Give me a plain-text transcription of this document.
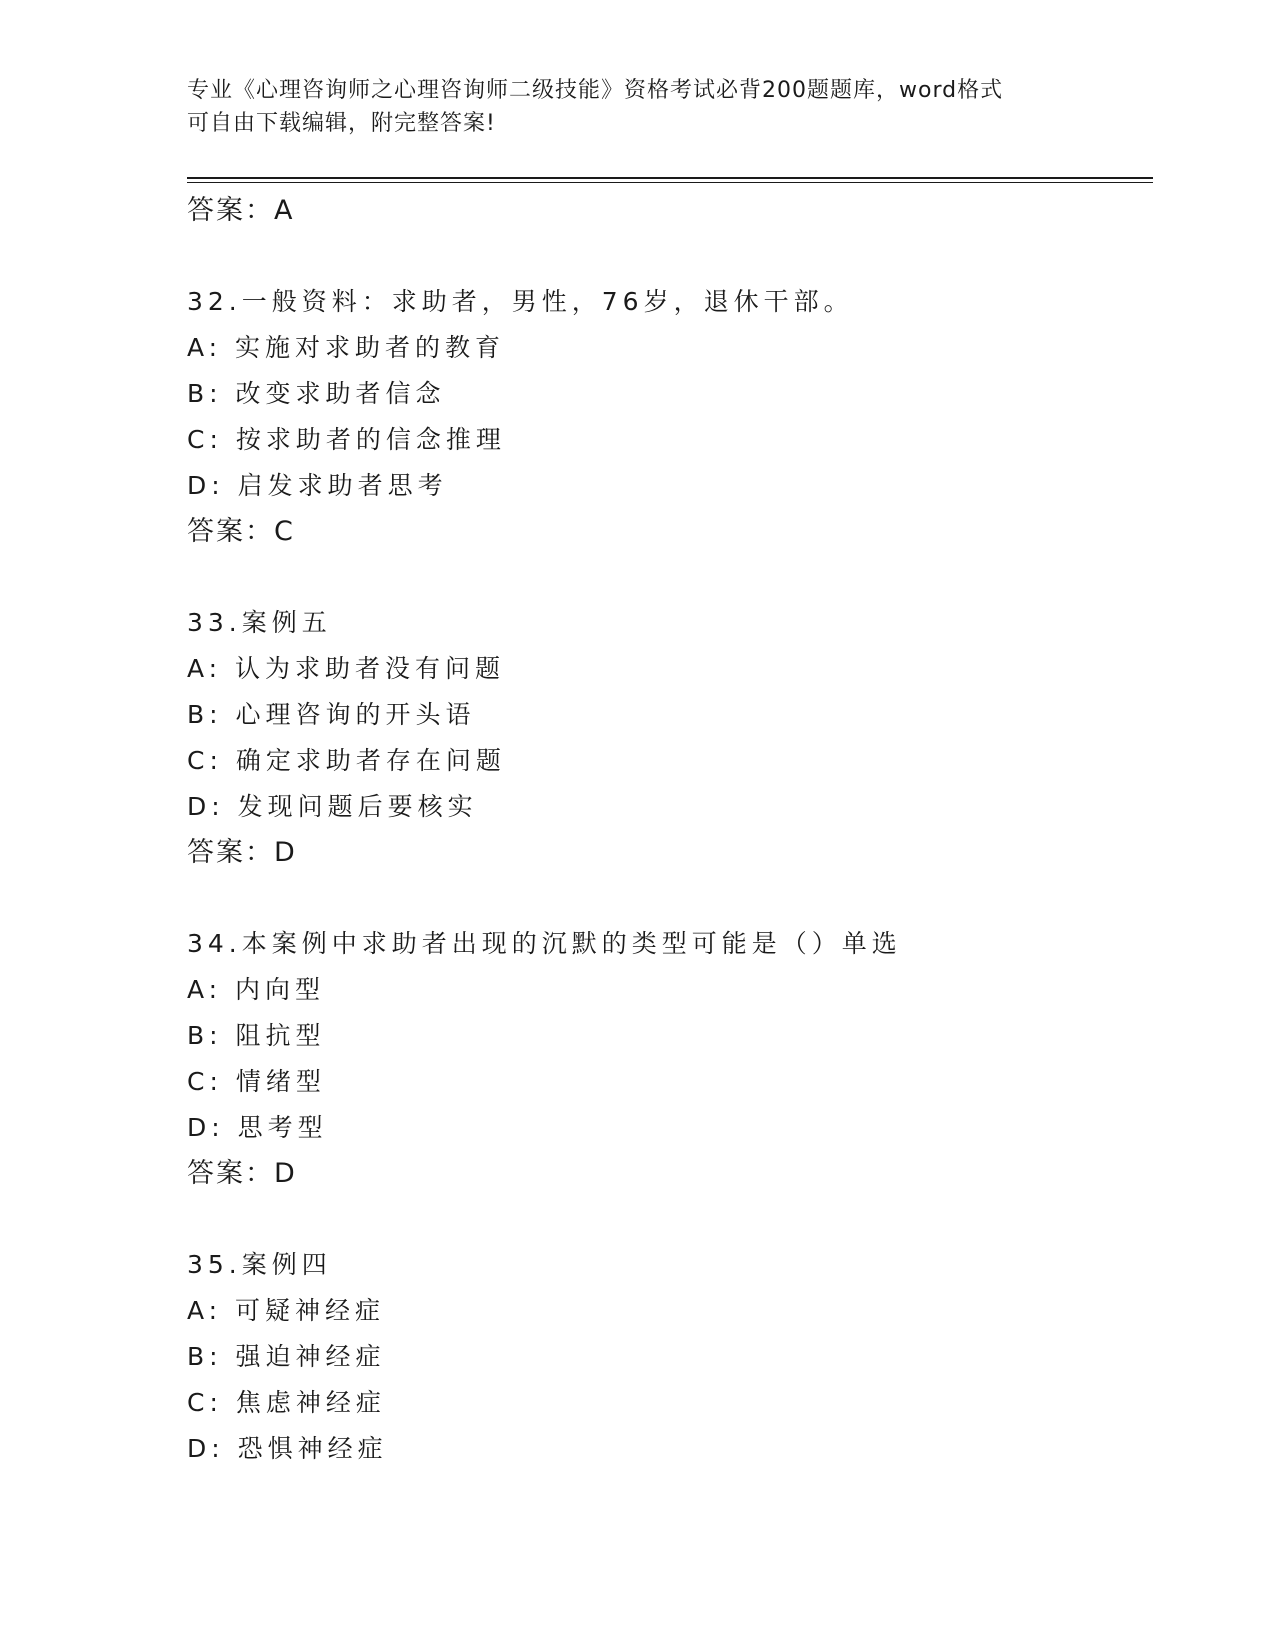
专业《心理咨询师之心理咨询师二级技能》资格考试必背200题题库，word格式
可自由下载编辑，附完整答案!
答案：A
32.一般资料：求助者，男性，76岁，退休干部。
A: 实施对求助者的教育
B: 改变求助者信念
C: 按求助者的信念推理
D: 启发求助者思考
答案：C
33.案例五
A: 认为求助者没有问题
B: 心理咨询的开头语
C: 确定求助者存在问题
D: 发现问题后要核实
答案：D
34.本案例中求助者出现的沉默的类型可能是（）单选
A: 内向型
B: 阻抗型
C: 情绪型
D: 思考型
答案：D
35.案例四
A: 可疑神经症
B: 强迫神经症
C: 焦虑神经症
D: 恐惧神经症
